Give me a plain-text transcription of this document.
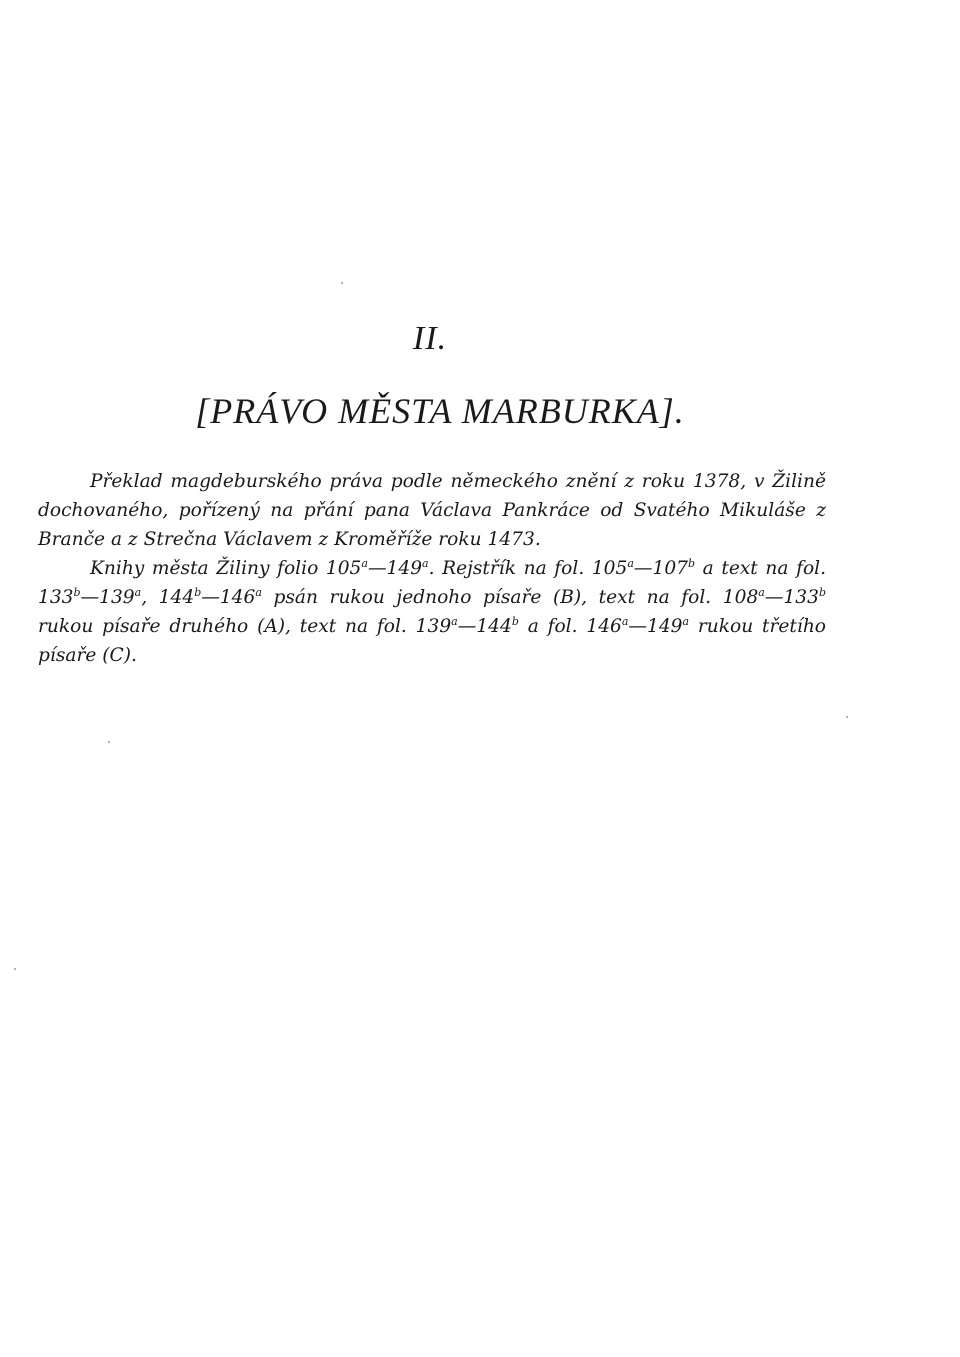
II.
[PRÁVO MĚSTA MARBURKA].

Překlad magdeburského práva podle německého znění z roku 1378, v Žilině dochovaného, pořízený na přání pana Václava Pankráce od Svatého Mikuláše z Branče a z Strečna Václavem z Kroměříže roku 1473.
Knihy města Žiliny folio 105$^a$—149$^a$. Rejstřík na fol. 105$^a$—107$^b$ a text na fol. 133$^b$—139$^a$, 144$^b$—146$^a$ psán rukou jednoho písaře (B), text na fol. 108$^a$—133$^b$ rukou písaře druhého (A), text na fol. 139$^a$—144$^b$ a fol. 146$^a$—149$^a$ rukou třetího písaře (C).
